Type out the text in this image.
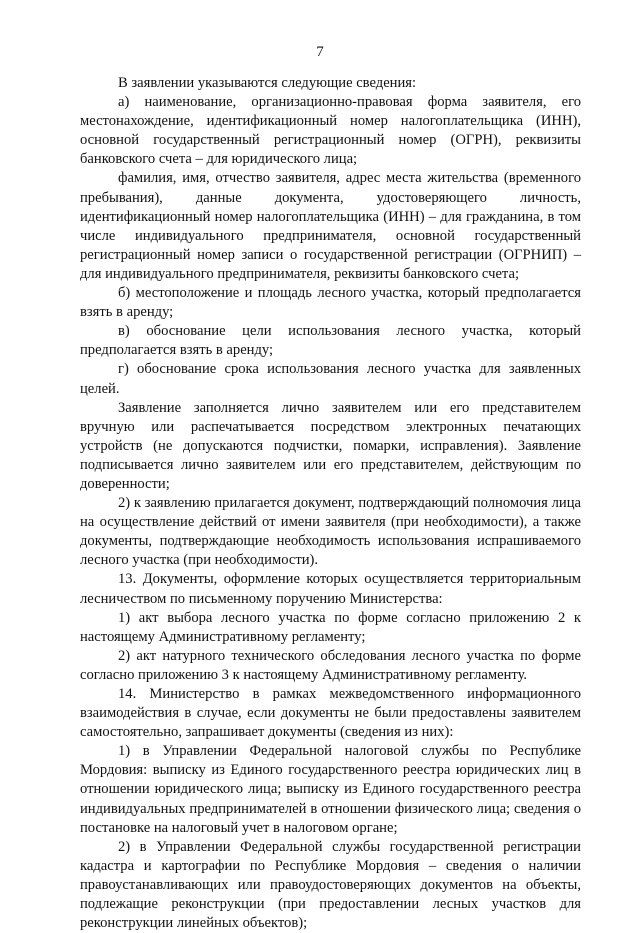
7

В заявлении указываются следующие сведения:

а) наименование, организационно-правовая форма заявителя, его местонахождение, идентификационный номер налогоплательщика (ИНН), основной государственный регистрационный номер (ОГРН), реквизиты банковского счета – для юридического лица;

фамилия, имя, отчество заявителя, адрес места жительства (временного пребывания), данные документа, удостоверяющего личность, идентификационный номер налогоплательщика (ИНН) – для гражданина, в том числе индивидуального предпринимателя, основной государственный регистрационный номер записи о государственной регистрации (ОГРНИП) – для индивидуального предпринимателя, реквизиты банковского счета;

б) местоположение и площадь лесного участка, который предполагается взять в аренду;

в) обоснование цели использования лесного участка, который предполагается взять в аренду;

г) обоснование срока использования лесного участка для заявленных целей.

Заявление заполняется лично заявителем или его представителем вручную или распечатывается посредством электронных печатающих устройств (не допускаются подчистки, помарки, исправления). Заявление подписывается лично заявителем или его представителем, действующим по доверенности;

2) к заявлению прилагается документ, подтверждающий полномочия лица на осуществление действий от имени заявителя (при необходимости), а также документы, подтверждающие необходимость использования испрашиваемого лесного участка (при необходимости).

13. Документы, оформление которых осуществляется территориальным лесничеством по письменному поручению Министерства:

1) акт выбора лесного участка по форме согласно приложению 2 к настоящему Административному регламенту;

2) акт натурного технического обследования лесного участка по форме согласно приложению 3 к настоящему Административному регламенту.

14. Министерство в рамках межведомственного информационного взаимодействия в случае, если документы не были предоставлены заявителем самостоятельно, запрашивает документы (сведения из них):

1) в Управлении Федеральной налоговой службы по Республике Мордовия: выписку из Единого государственного реестра юридических лиц в отношении юридического лица; выписку из Единого государственного реестра индивидуальных предпринимателей в отношении физического лица; сведения о постановке на налоговый учет в налоговом органе;

2) в Управлении Федеральной службы государственной регистрации кадастра и картографии по Республике Мордовия – сведения о наличии правоустанавливающих или правоудостоверяющих документов на объекты, подлежащие реконструкции (при предоставлении лесных участков для реконструкции линейных объектов);
